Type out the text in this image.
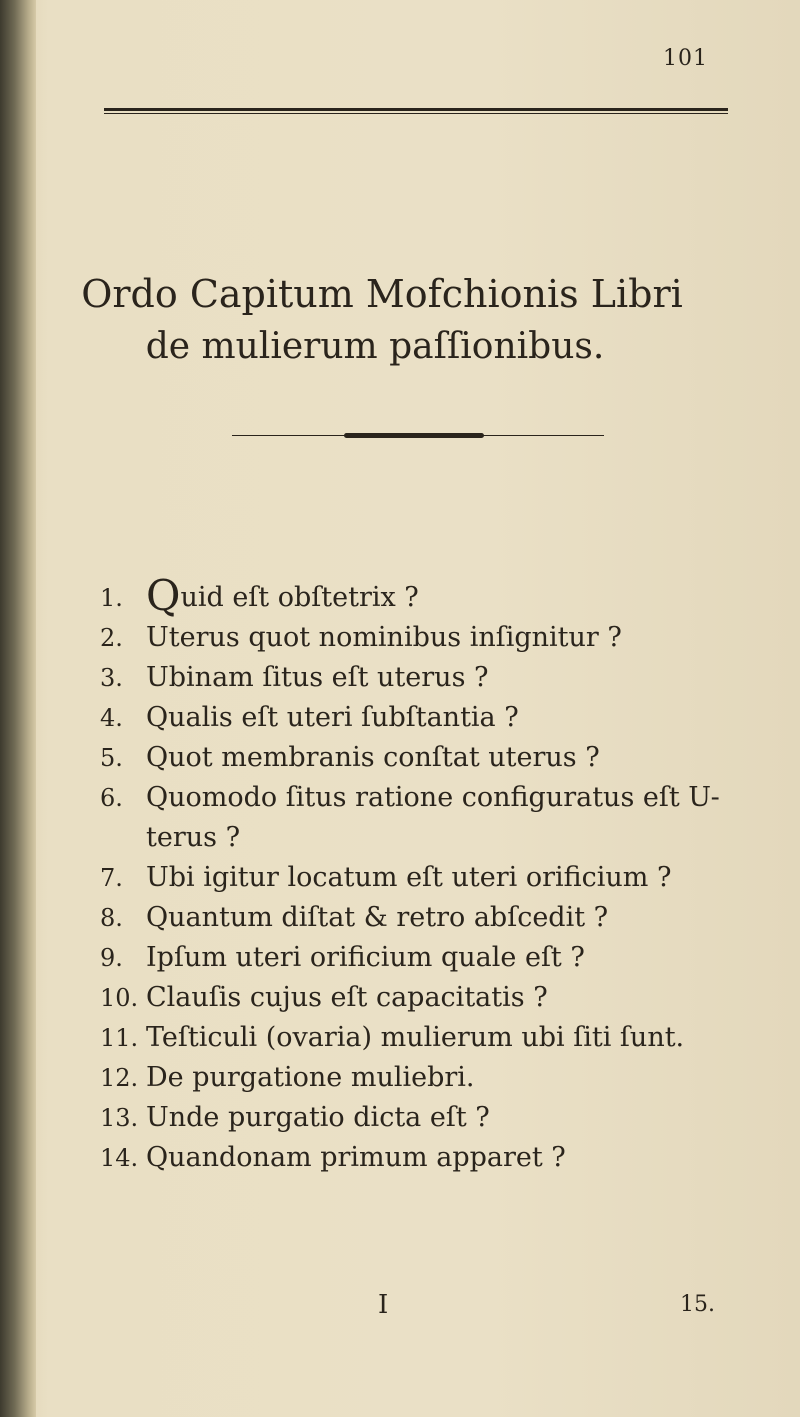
101
Ordo Capitum Mofchionis Libri
de mulierum paſſionibus.
1. Quid eſt obſtetrix ?
2. Uterus quot nominibus inſignitur ?
3. Ubinam ſitus eſt uterus ?
4. Qualis eſt uteri ſubſtantia ?
5. Quot membranis conſtat uterus ?
6. Quomodo ſitus ratione configuratus eſt U-
terus ?
7. Ubi igitur locatum eſt uteri orificium ?
8. Quantum diſtat & retro abſcedit ?
9. Ipſum uteri orificium quale eſt ?
10. Clauſis cujus eſt capacitatis ?
11. Teſticuli (ovaria) mulierum ubi ſiti ſunt.
12. De purgatione muliebri.
13. Unde purgatio dicta eſt ?
14. Quandonam primum apparet ?
I	15.
